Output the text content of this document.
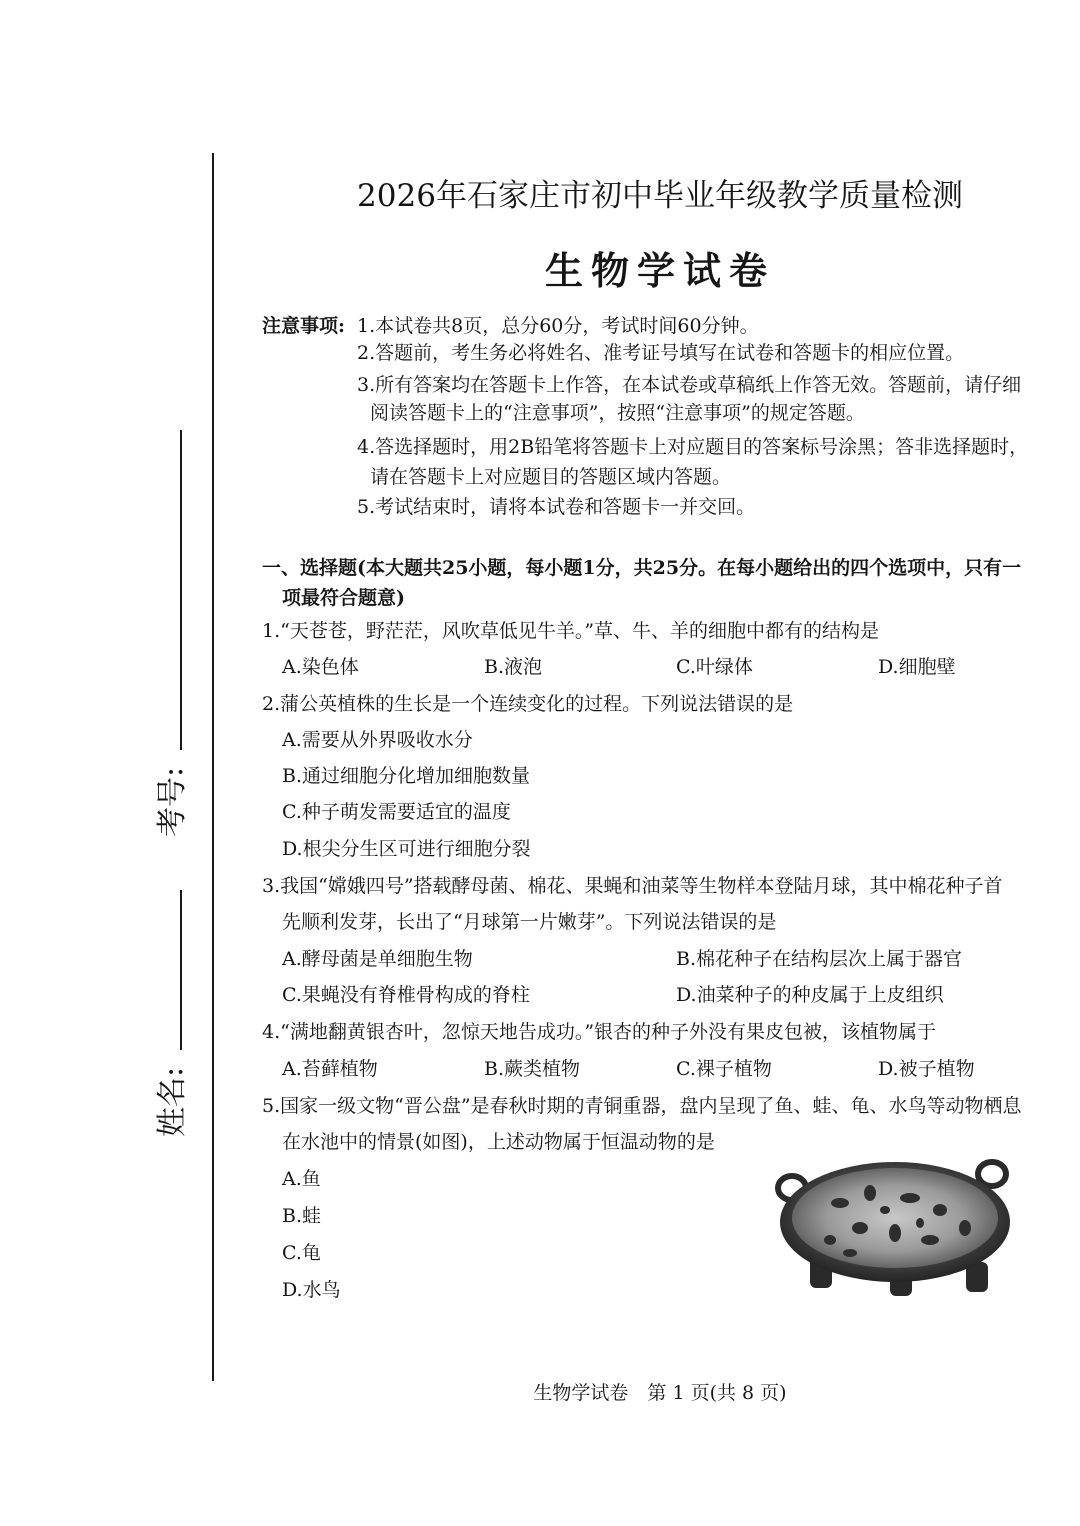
考号:
姓名:
2026年石家庄市初中毕业年级教学质量检测
生物学试卷
注意事项: 1.本试卷共8页，总分60分，考试时间60分钟。
2.答题前，考生务必将姓名、准考证号填写在试卷和答题卡的相应位置。
3.所有答案均在答题卡上作答，在本试卷或草稿纸上作答无效。答题前，请仔细
阅读答题卡上的“注意事项”，按照“注意事项”的规定答题。
4.答选择题时，用2B铅笔将答题卡上对应题目的答案标号涂黑；答非选择题时，
请在答题卡上对应题目的答题区域内答题。
5.考试结束时，请将本试卷和答题卡一并交回。
一、选择题(本大题共25小题，每小题1分，共25分。在每小题给出的四个选项中，只有一
项最符合题意)
1.“天苍苍，野茫茫，风吹草低见牛羊。”草、牛、羊的细胞中都有的结构是
A.染色体	B.液泡	C.叶绿体	D.细胞壁
2.蒲公英植株的生长是一个连续变化的过程。下列说法错误的是
A.需要从外界吸收水分
B.通过细胞分化增加细胞数量
C.种子萌发需要适宜的温度
D.根尖分生区可进行细胞分裂
3.我国“嫦娥四号”搭载酵母菌、棉花、果蝇和油菜等生物样本登陆月球，其中棉花种子首
先顺利发芽，长出了“月球第一片嫩芽”。下列说法错误的是
A.酵母菌是单细胞生物	B.棉花种子在结构层次上属于器官
C.果蝇没有脊椎骨构成的脊柱	D.油菜种子的种皮属于上皮组织
4.“满地翻黄银杏叶，忽惊天地告成功。”银杏的种子外没有果皮包被，该植物属于
A.苔藓植物	B.蕨类植物	C.裸子植物	D.被子植物
5.国家一级文物“晋公盘”是春秋时期的青铜重器，盘内呈现了鱼、蛙、龟、水鸟等动物栖息
在水池中的情景(如图)，上述动物属于恒温动物的是
A.鱼
B.蛙
C.龟
D.水鸟
生物学试卷　第 1 页(共 8 页)
